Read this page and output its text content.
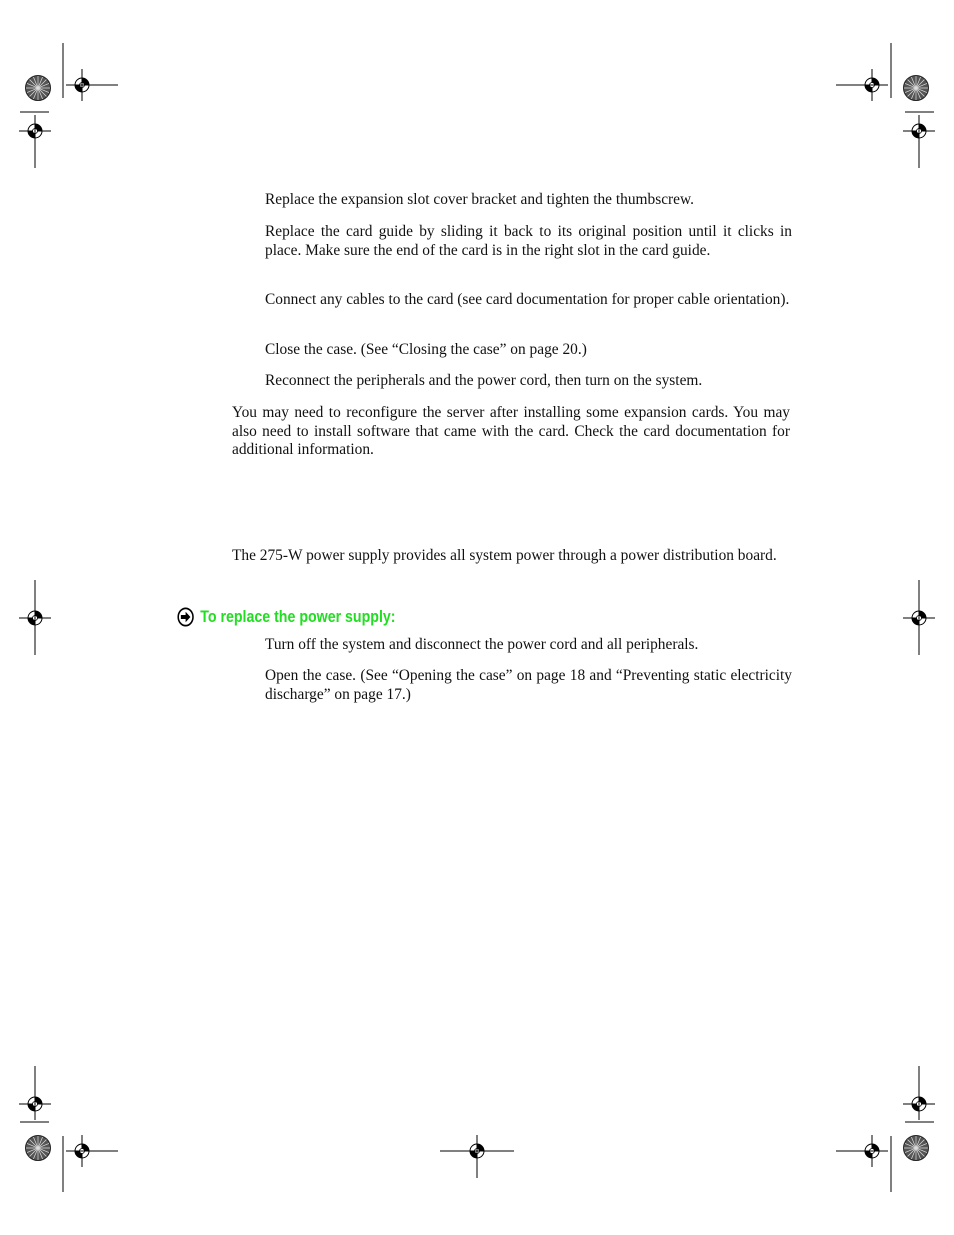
Replace the expansion slot cover bracket and tighten the thumbscrew.

Replace the card guide by sliding it back to its original position until it clicks in place. Make sure the end of the card is in the right slot in the card guide.

Connect any cables to the card (see card documentation for proper cable orientation).

Close the case. (See “Closing the case” on page 20.)

Reconnect the peripherals and the power cord, then turn on the system.

You may need to reconfigure the server after installing some expansion cards. You may also need to install software that came with the card. Check the card documentation for additional information.

The 275-W power supply provides all system power through a power distribution board.

To replace the power supply:

Turn off the system and disconnect the power cord and all peripherals.

Open the case. (See “Opening the case” on page 18 and “Preventing static electricity discharge” on page 17.)
